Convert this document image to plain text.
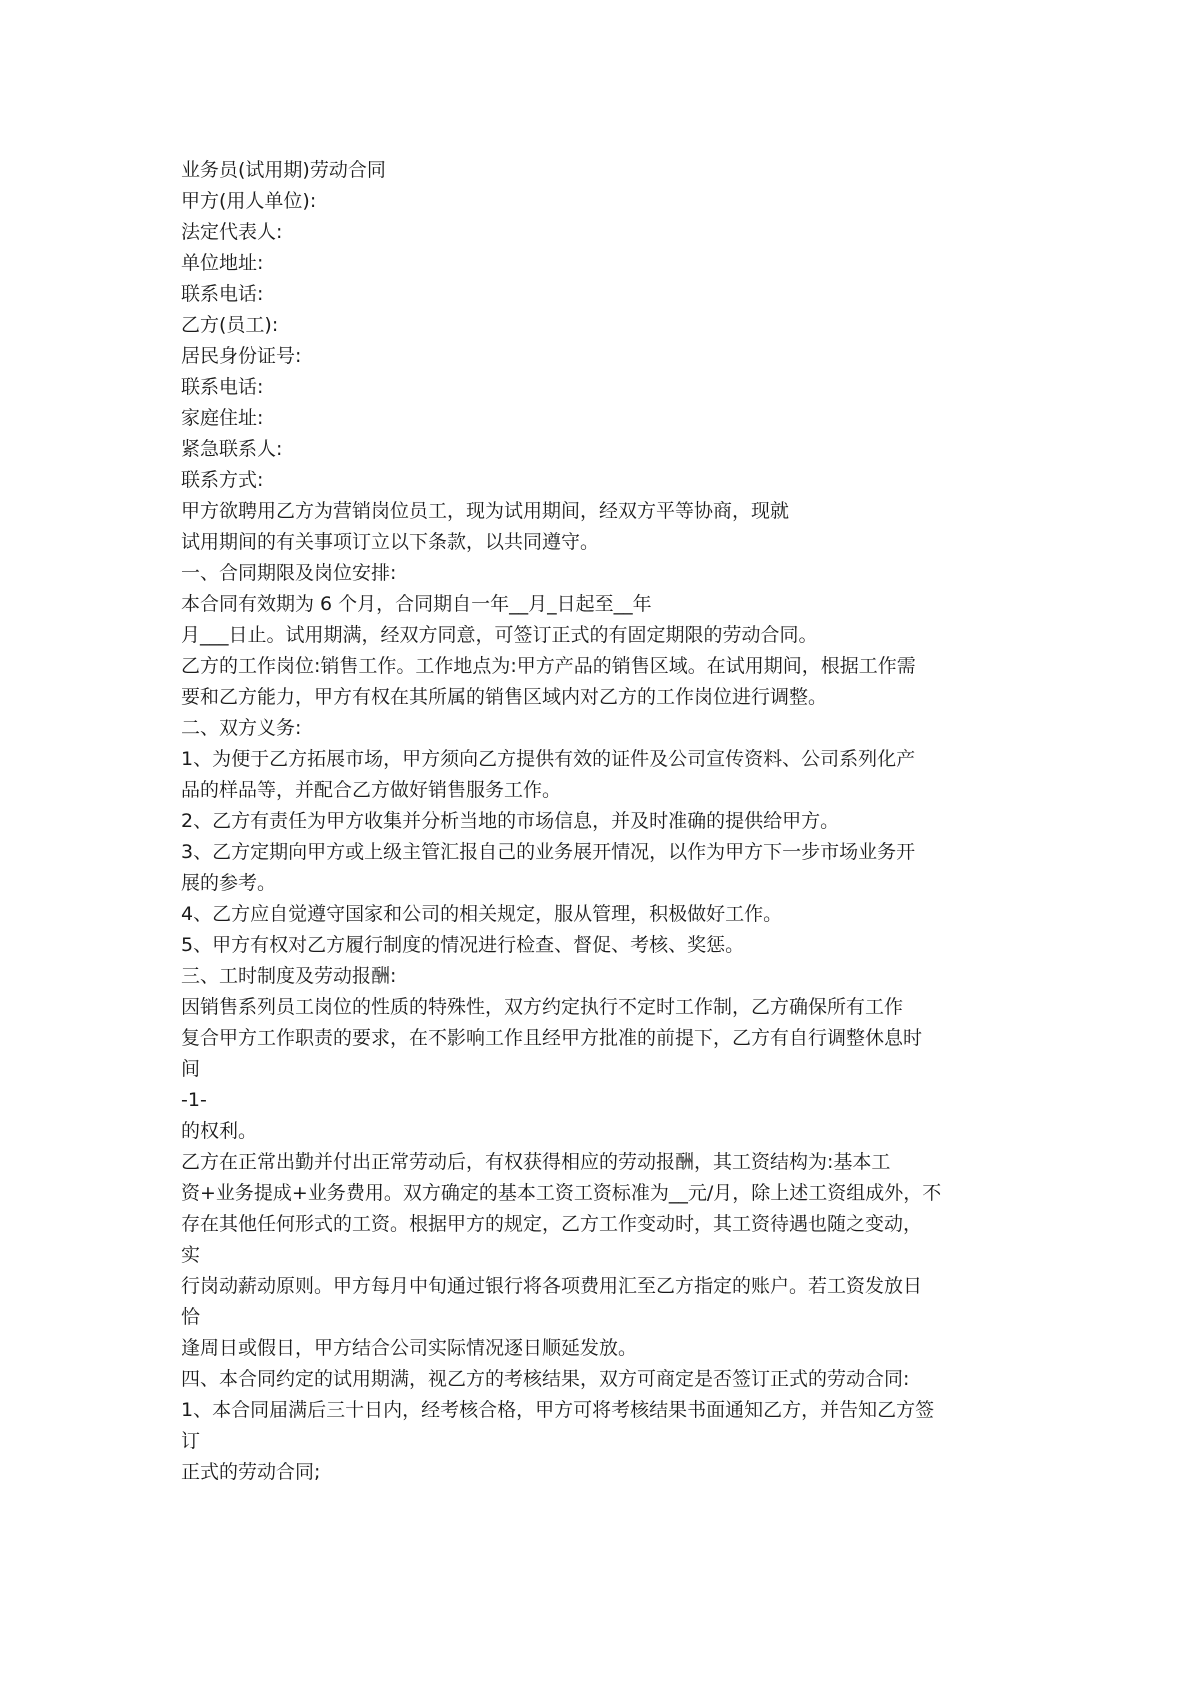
业务员(试用期)劳动合同
甲方(用人单位):
法定代表人:
单位地址:
联系电话:
乙方(员工):
居民身份证号:
联系电话:
家庭住址:
紧急联系人:
联系方式:
甲方欲聘用乙方为营销岗位员工，现为试用期间，经双方平等协商，现就
试用期间的有关事项订立以下条款，以共同遵守。
一、合同期限及岗位安排:
本合同有效期为 6 个月，合同期自一年__月_日起至__年
月___日止。试用期满，经双方同意，可签订正式的有固定期限的劳动合同。
乙方的工作岗位:销售工作。工作地点为:甲方产品的销售区域。在试用期间，根据工作需
要和乙方能力，甲方有权在其所属的销售区域内对乙方的工作岗位进行调整。
二、双方义务:
1、为便于乙方拓展市场，甲方须向乙方提供有效的证件及公司宣传资料、公司系列化产
品的样品等，并配合乙方做好销售服务工作。
2、乙方有责任为甲方收集并分析当地的市场信息，并及时准确的提供给甲方。
3、乙方定期向甲方或上级主管汇报自己的业务展开情况，以作为甲方下一步市场业务开
展的参考。
4、乙方应自觉遵守国家和公司的相关规定，服从管理，积极做好工作。
5、甲方有权对乙方履行制度的情况进行检查、督促、考核、奖惩。
三、工时制度及劳动报酬:
因销售系列员工岗位的性质的特殊性，双方约定执行不定时工作制，乙方确保所有工作
复合甲方工作职责的要求，在不影响工作且经甲方批准的前提下，乙方有自行调整休息时
间
-1-
的权利。
乙方在正常出勤并付出正常劳动后，有权获得相应的劳动报酬，其工资结构为:基本工
资+业务提成+业务费用。双方确定的基本工资工资标准为__元/月，除上述工资组成外，不
存在其他任何形式的工资。根据甲方的规定，乙方工作变动时，其工资待遇也随之变动，
实
行岗动薪动原则。甲方每月中旬通过银行将各项费用汇至乙方指定的账户。若工资发放日
恰
逢周日或假日，甲方结合公司实际情况逐日顺延发放。
四、本合同约定的试用期满，视乙方的考核结果，双方可商定是否签订正式的劳动合同:
1、本合同届满后三十日内，经考核合格，甲方可将考核结果书面通知乙方，并告知乙方签
订
正式的劳动合同;
